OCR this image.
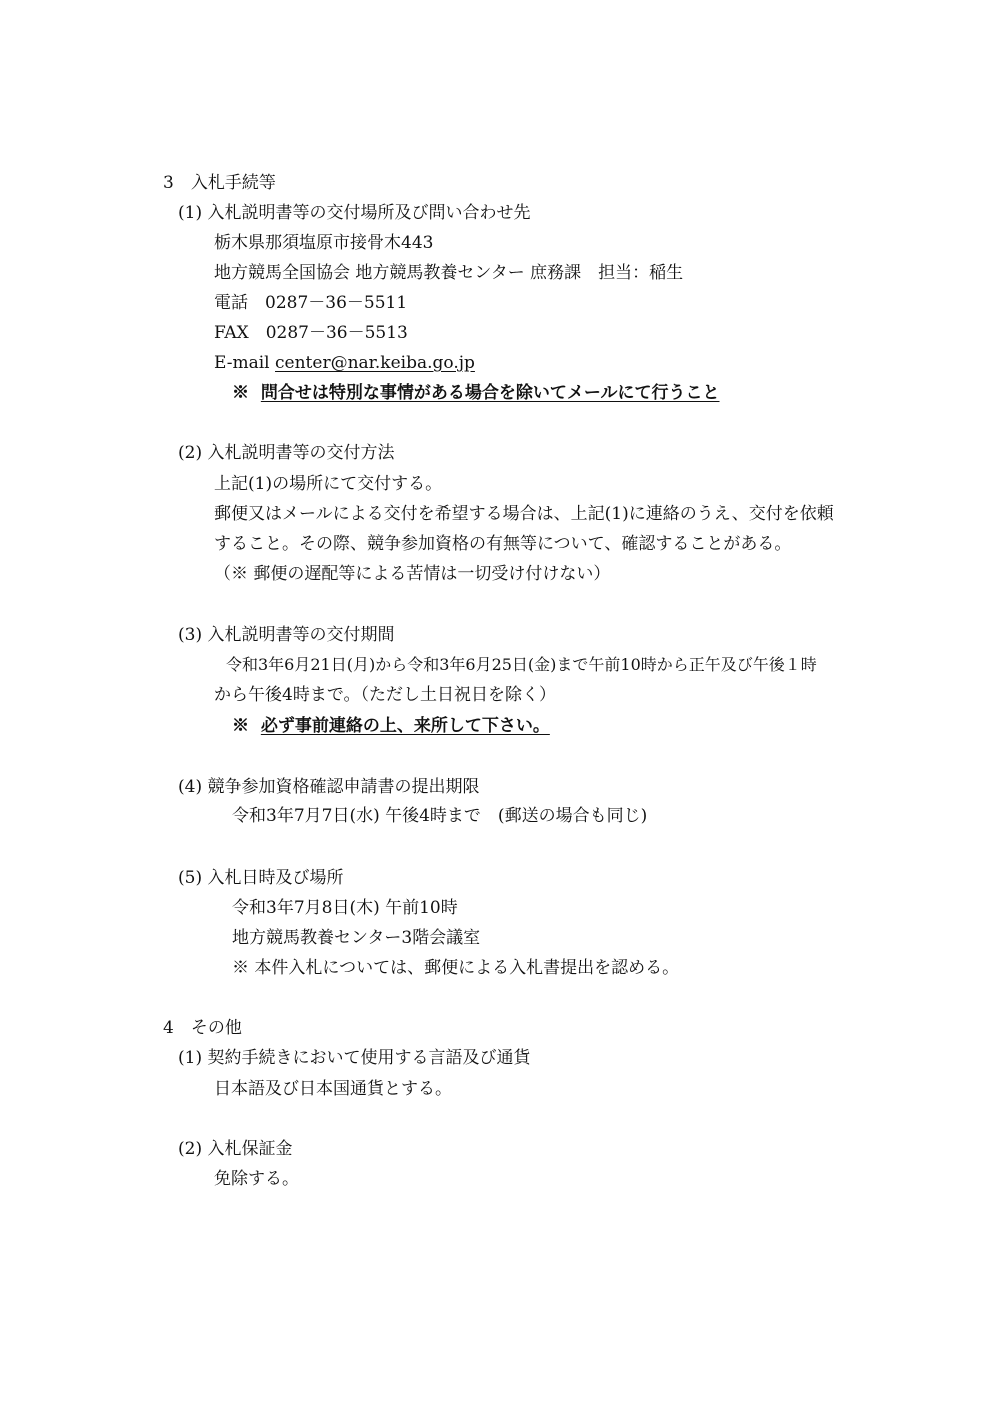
3　入札手続等
(1) 入札説明書等の交付場所及び問い合わせ先
栃木県那須塩原市接骨木443
地方競馬全国協会 地方競馬教養センター 庶務課　担当：稲生
電話　0287－36－5511
FAX　0287－36－5513
E-mail center@nar.keiba.go.jp
※ 問合せは特別な事情がある場合を除いてメールにて行うこと
(2) 入札説明書等の交付方法
上記(1)の場所にて交付する。
郵便又はメールによる交付を希望する場合は、上記(1)に連絡のうえ、交付を依頼
すること。その際、競争参加資格の有無等について、確認することがある。
（※ 郵便の遅配等による苦情は一切受け付けない）
(3) 入札説明書等の交付期間
令和3年6月21日(月)から令和3年6月25日(金)まで午前10時から正午及び午後１時
から午後4時まで。（ただし土日祝日を除く）
※ 必ず事前連絡の上、来所して下さい。
(4) 競争参加資格確認申請書の提出期限
令和3年7月7日(水) 午後4時まで　(郵送の場合も同じ)
(5) 入札日時及び場所
令和3年7月8日(木) 午前10時
地方競馬教養センター3階会議室
※ 本件入札については、郵便による入札書提出を認める。
4　その他
(1) 契約手続きにおいて使用する言語及び通貨
日本語及び日本国通貨とする。
(2) 入札保証金
免除する。
